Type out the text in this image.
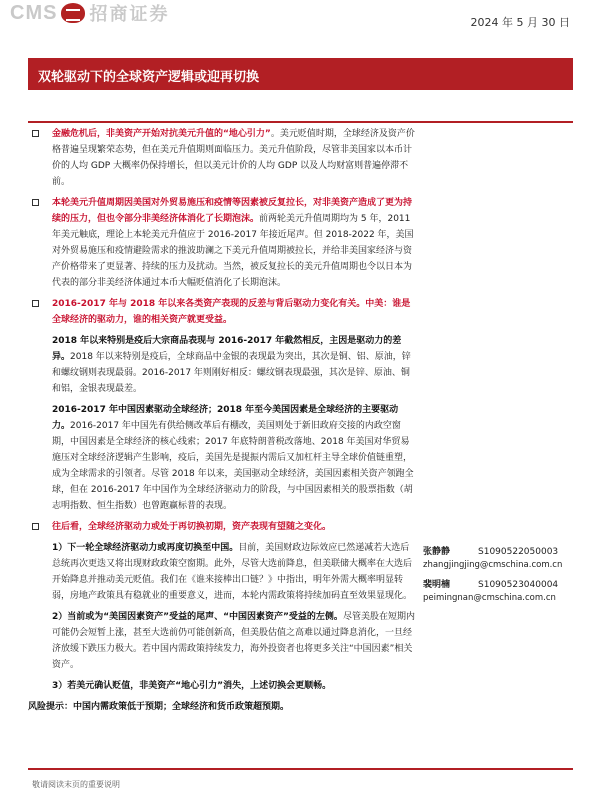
CMS 招商证券	2024 年 5 月 30 日
双轮驱动下的全球资产逻辑或迎再切换
金融危机后，非美资产开始对抗美元升值的“地心引力”。美元贬值时期，全球经济及资产价格普遍呈现繁荣态势，但在美元升值期则面临压力。美元升值阶段，尽管非美国家以本币计价的人均 GDP 大概率仍保持增长，但以美元计价的人均 GDP 以及人均财富则普遍停滞不前。
本轮美元升值周期因美国对外贸易施压和疫情等因素被反复拉长，对非美资产造成了更为持续的压力，但也令部分非美经济体消化了长期泡沫。前两轮美元升值周期均为 5 年，2011 年美元触底，理论上本轮美元升值应于 2016-2017 年接近尾声。但 2018-2022 年，美国对外贸易施压和疫情避险需求的推波助澜之下美元升值周期被拉长，并给非美国家经济与资产价格带来了更显著、持续的压力及扰动。当然，被反复拉长的美元升值周期也令以日本为代表的部分非美经济体通过本币大幅贬值消化了长期泡沫。
2016-2017 年与 2018 年以来各类资产表现的反差与背后驱动力变化有关。中美：谁是全球经济的驱动力，谁的相关资产就更受益。
2018 年以来特别是疫后大宗商品表现与 2016-2017 年截然相反，主因是驱动力的差异。2018 年以来特别是疫后，全球商品中金银的表现最为突出，其次是铜、铝、原油，锌和螺纹钢则表现最弱。2016-2017 年则刚好相反：螺纹钢表现最强，其次是锌、原油、铜和铝，金银表现最差。
2016-2017 年中国因素驱动全球经济；2018 年至今美国因素是全球经济的主要驱动力。2016-2017 年中国先有供给侧改革后有棚改，美国则处于新旧政府交接的内政空窗期，中国因素是全球经济的核心线索；2017 年底特朗普税改落地、2018 年美国对华贸易施压对全球经济逻辑产生影响，疫后，美国先是提振内需后又加杠杆主导全球价值链重塑，成为全球需求的引领者。尽管 2018 年以来，美国驱动全球经济，美国因素相关资产领跑全球，但在 2016-2017 年中国作为全球经济驱动力的阶段，与中国因素相关的股票指数（胡志明指数、恒生指数）也曾跑赢标普的表现。
往后看，全球经济驱动力或处于再切换初期，资产表现有望随之变化。
1）下一轮全球经济驱动力或再度切换至中国。目前，美国财政边际效应已然递减若大选后总统再次更迭又将出现财政政策空窗期。此外，尽管大选前降息，但美联储大概率在大选后开始降息并推动美元贬值。我们在《谁来接棒出口链？》中指出，明年外需大概率明显转弱，房地产政策具有稳就业的重要意义，进而，本轮内需政策将持续加码直至效果显现化。
2）当前或为“美国因素资产”受益的尾声、“中国因素资产”受益的左侧。尽管美股在短期内可能仍会短暂上涨，甚至大选前仍可能创新高，但美股估值之高难以通过降息消化，一旦经济放缓下跌压力极大。若中国内需政策持续发力，海外投资者也将更多关注“中国因素”相关资产。
3）若美元确认贬值，非美资产“地心引力”消失，上述切换会更顺畅。
风险提示：中国内需政策低于预期；全球经济和货币政策超预期。
张静静	S1090522050003
zhangjingjing@cmschina.com.cn
裴明楠	S1090523040004
peimingnan@cmschina.com.cn
敬请阅读末页的重要说明
